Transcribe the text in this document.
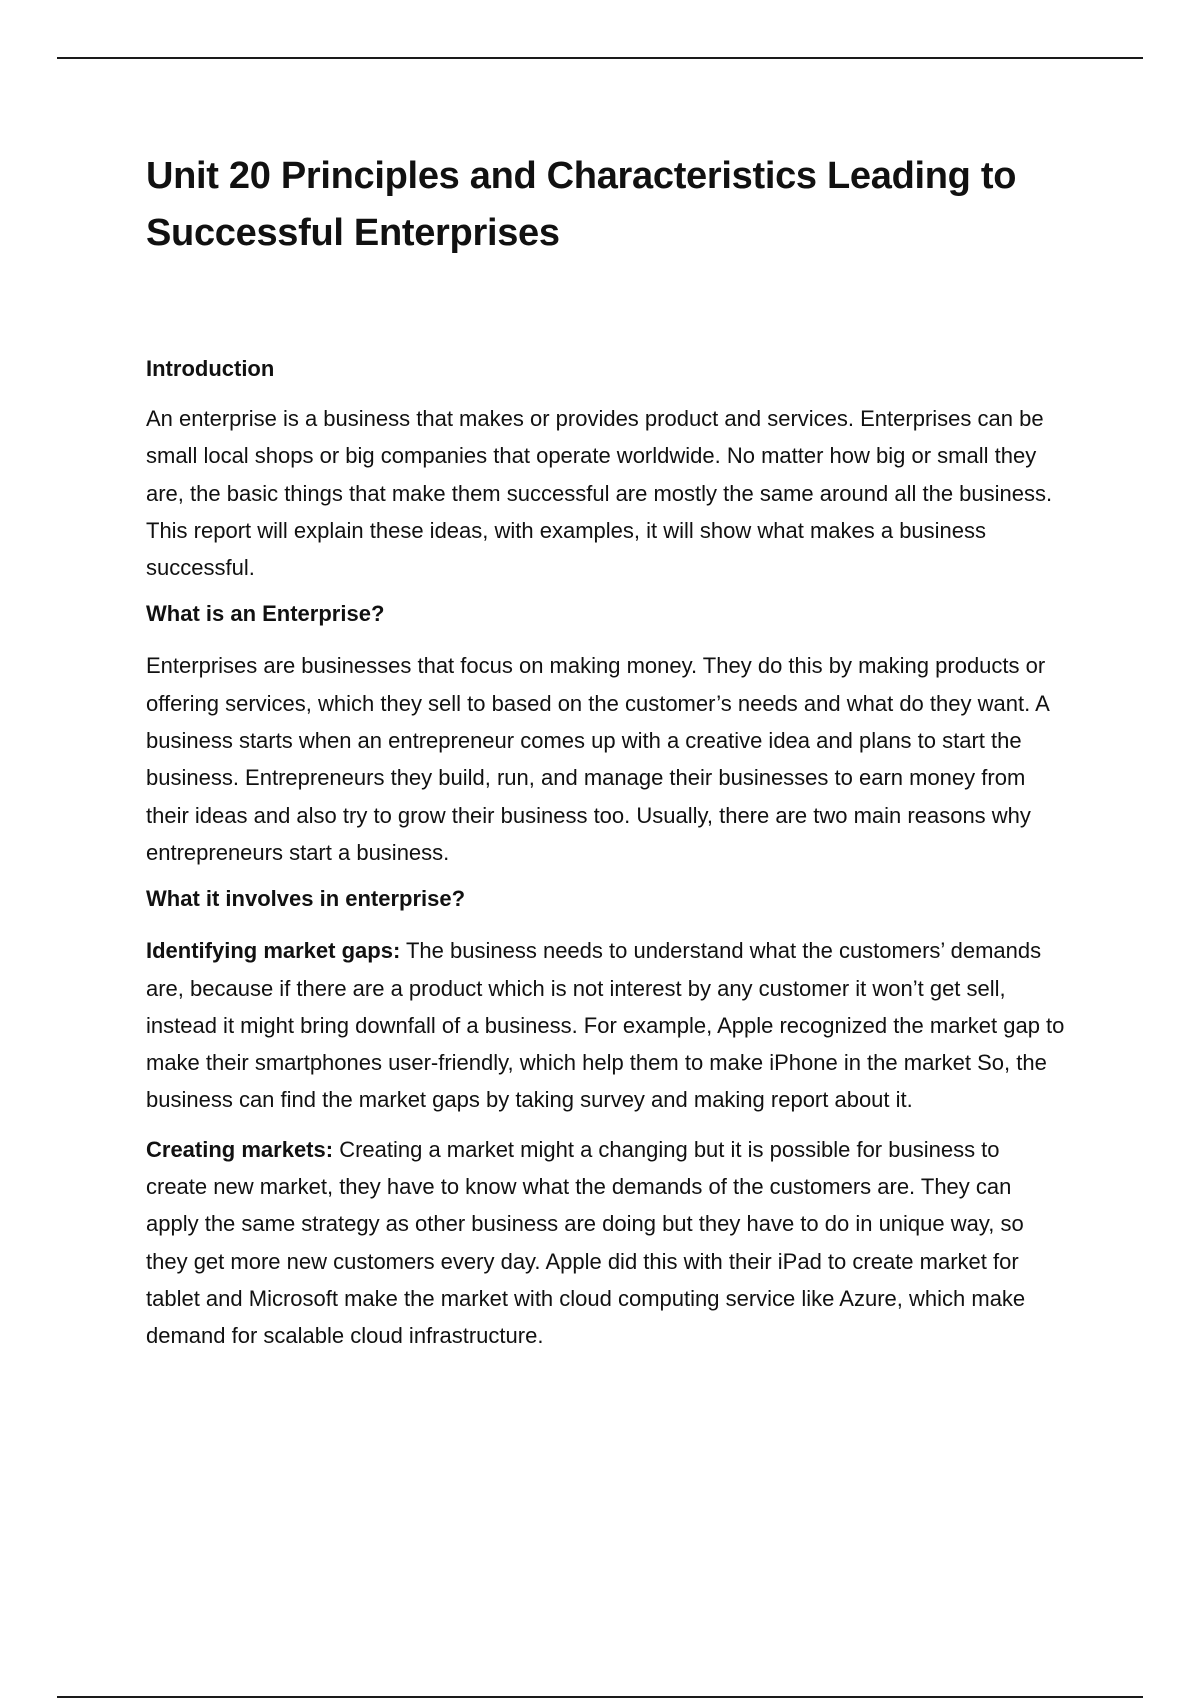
Unit 20 Principles and Characteristics Leading to Successful Enterprises
Introduction

An enterprise is a business that makes or provides product and services. Enterprises can be small local shops or big companies that operate worldwide. No matter how big or small they are, the basic things that make them successful are mostly the same around all the business. This report will explain these ideas, with examples, it will show what makes a business successful.

What is an Enterprise?

Enterprises are businesses that focus on making money. They do this by making products or offering services, which they sell to based on the customer’s needs and what do they want. A business starts when an entrepreneur comes up with a creative idea and plans to start the business. Entrepreneurs they build, run, and manage their businesses to earn money from their ideas and also try to grow their business too. Usually, there are two main reasons why entrepreneurs start a business.

What it involves in enterprise?

Identifying market gaps: The business needs to understand what the customers’ demands are, because if there are a product which is not interest by any customer it won’t get sell, instead it might bring downfall of a business. For example, Apple recognized the market gap to make their smartphones user-friendly, which help them to make iPhone in the market So, the business can find the market gaps by taking survey and making report about it.

Creating markets: Creating a market might a changing but it is possible for business to create new market, they have to know what the demands of the customers are. They can apply the same strategy as other business are doing but they have to do in unique way, so they get more new customers every day. Apple did this with their iPad to create market for tablet and Microsoft make the market with cloud computing service like Azure, which make demand for scalable cloud infrastructure.
